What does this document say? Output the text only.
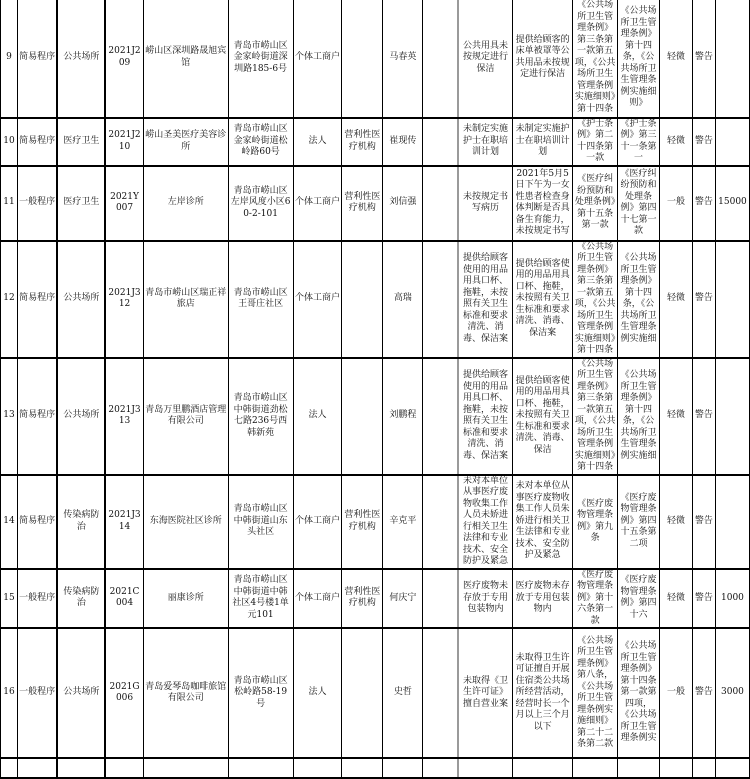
9	简易程序	公共场所	2021J209	崂山区深圳路晟旭宾馆	青岛市崂山区金家岭街道深圳路185-6号	个体工商户		马春英		公共用具未按规定进行保洁	提供给顾客的床单被罩等公共用品未按规定进行保洁	《公共场所卫生管理条例》第三条第一款第五项，《公共场所卫生管理条例实施细则》第十四条	《公共场所卫生管理条例》第十四条，《公共场所卫生管理条例实施细则》	轻微	警告	
10	简易程序	医疗卫生	2021J210	崂山圣美医疗美容诊所	青岛市崂山区金家岭街道松岭路60号	法人	营利性医疗机构	崔现传		未制定实施护士在职培训计划	未制定实施护士在职培训计划	《护士条例》第二十四条第一款	《护士条例》第三十一条第一	轻微	警告	
11	一般程序	医疗卫生	2021Y007	左岸诊所	青岛市崂山区左岸风度小区60-2-101	个体工商户	营利性医疗机构	刘信强		未按规定书写病历	2021年5月5日下午为一女性患者检查身体判断是否具备生育能力，未按规定书写	《医疗纠纷预防和处理条例》第十五条第一款	《医疗纠纷预防和处理条例》第四十七第一款	一般	警告	15000
12	简易程序	公共场所	2021J312	青岛市崂山区瑞正祥旅店	青岛市崂山区王哥庄社区	个体工商户		高瑞		提供给顾客使用的用品用具口杯、拖鞋，未按照有关卫生标准和要求清洗、消毒、保洁案	提供给顾客使用的用品用具口杯、拖鞋，未按照有关卫生标准和要求清洗、消毒、保洁案	《公共场所卫生管理条例》第三条第一款第五项，《公共场所卫生管理条例实施细则》第十四条	《公共场所卫生管理条例》第十四条，《公共场所卫生管理条例实施细	轻微	警告	
13	简易程序	公共场所	2021J313	青岛万里鹏酒店管理有限公司	青岛市崂山区中韩街道劲松七路236号西韩新苑	法人		刘鹏程		提供给顾客使用的用品用具口杯、拖鞋，未按照有关卫生标准和要求清洗、消毒、保洁案	提供给顾客使用的用品用具口杯、拖鞋，未按照有关卫生标准和要求清洗、消毒、保洁	《公共场所卫生管理条例》第三条第一款第五项，《公共场所卫生管理条例实施细则》第十四条	《公共场所卫生管理条例》第十四条，《公共场所卫生管理条例实施细	轻微	警告	
14	简易程序	传染病防治	2021J314	东海医院社区诊所	青岛市崂山区中韩街道山东头社区	个体工商户	营利性医疗机构	辛克平		未对本单位从事医疗废物收集工作人员未娇进行相关卫生法律和专业技术、安全防护及紧急	未对本单位从事医疗废物收集工作人员朱娇进行相关卫生法律和专业技术、安全防护及紧急	《医疗废物管理条例》第九条	《医疗废物管理条例》第四十五条第二项	轻微	警告	
15	一般程序	传染病防治	2021C004	丽康诊所	青岛市崂山区中韩街道中韩社区4号楼1单元101	个体工商户	营利性医疗机构	何庆宁		医疗废物未存放于专用包装物内	医疗废物未存放于专用包装物内	《医疗废物管理条例》第十六条第一款	《医疗废物管理条例》第四十六	轻微	警告	1000
16	一般程序	公共场所	2021G006	青岛爱琴岛咖啡旅馆有限公司	青岛市崂山区松岭路58-19号	法人		史哲		未取得《卫生许可证》擅自营业案	未取得卫生许可证擅自开展住宿类公共场所经营活动，经营时长一个月以上三个月以下	《公共场所卫生管理条例》第八条，《公共场所卫生管理条例实施细则》第二十二条第二款	《公共场所卫生管理条例》第十四条第一款第四项，《公共场所卫生管理条例实	一般	警告	3000
